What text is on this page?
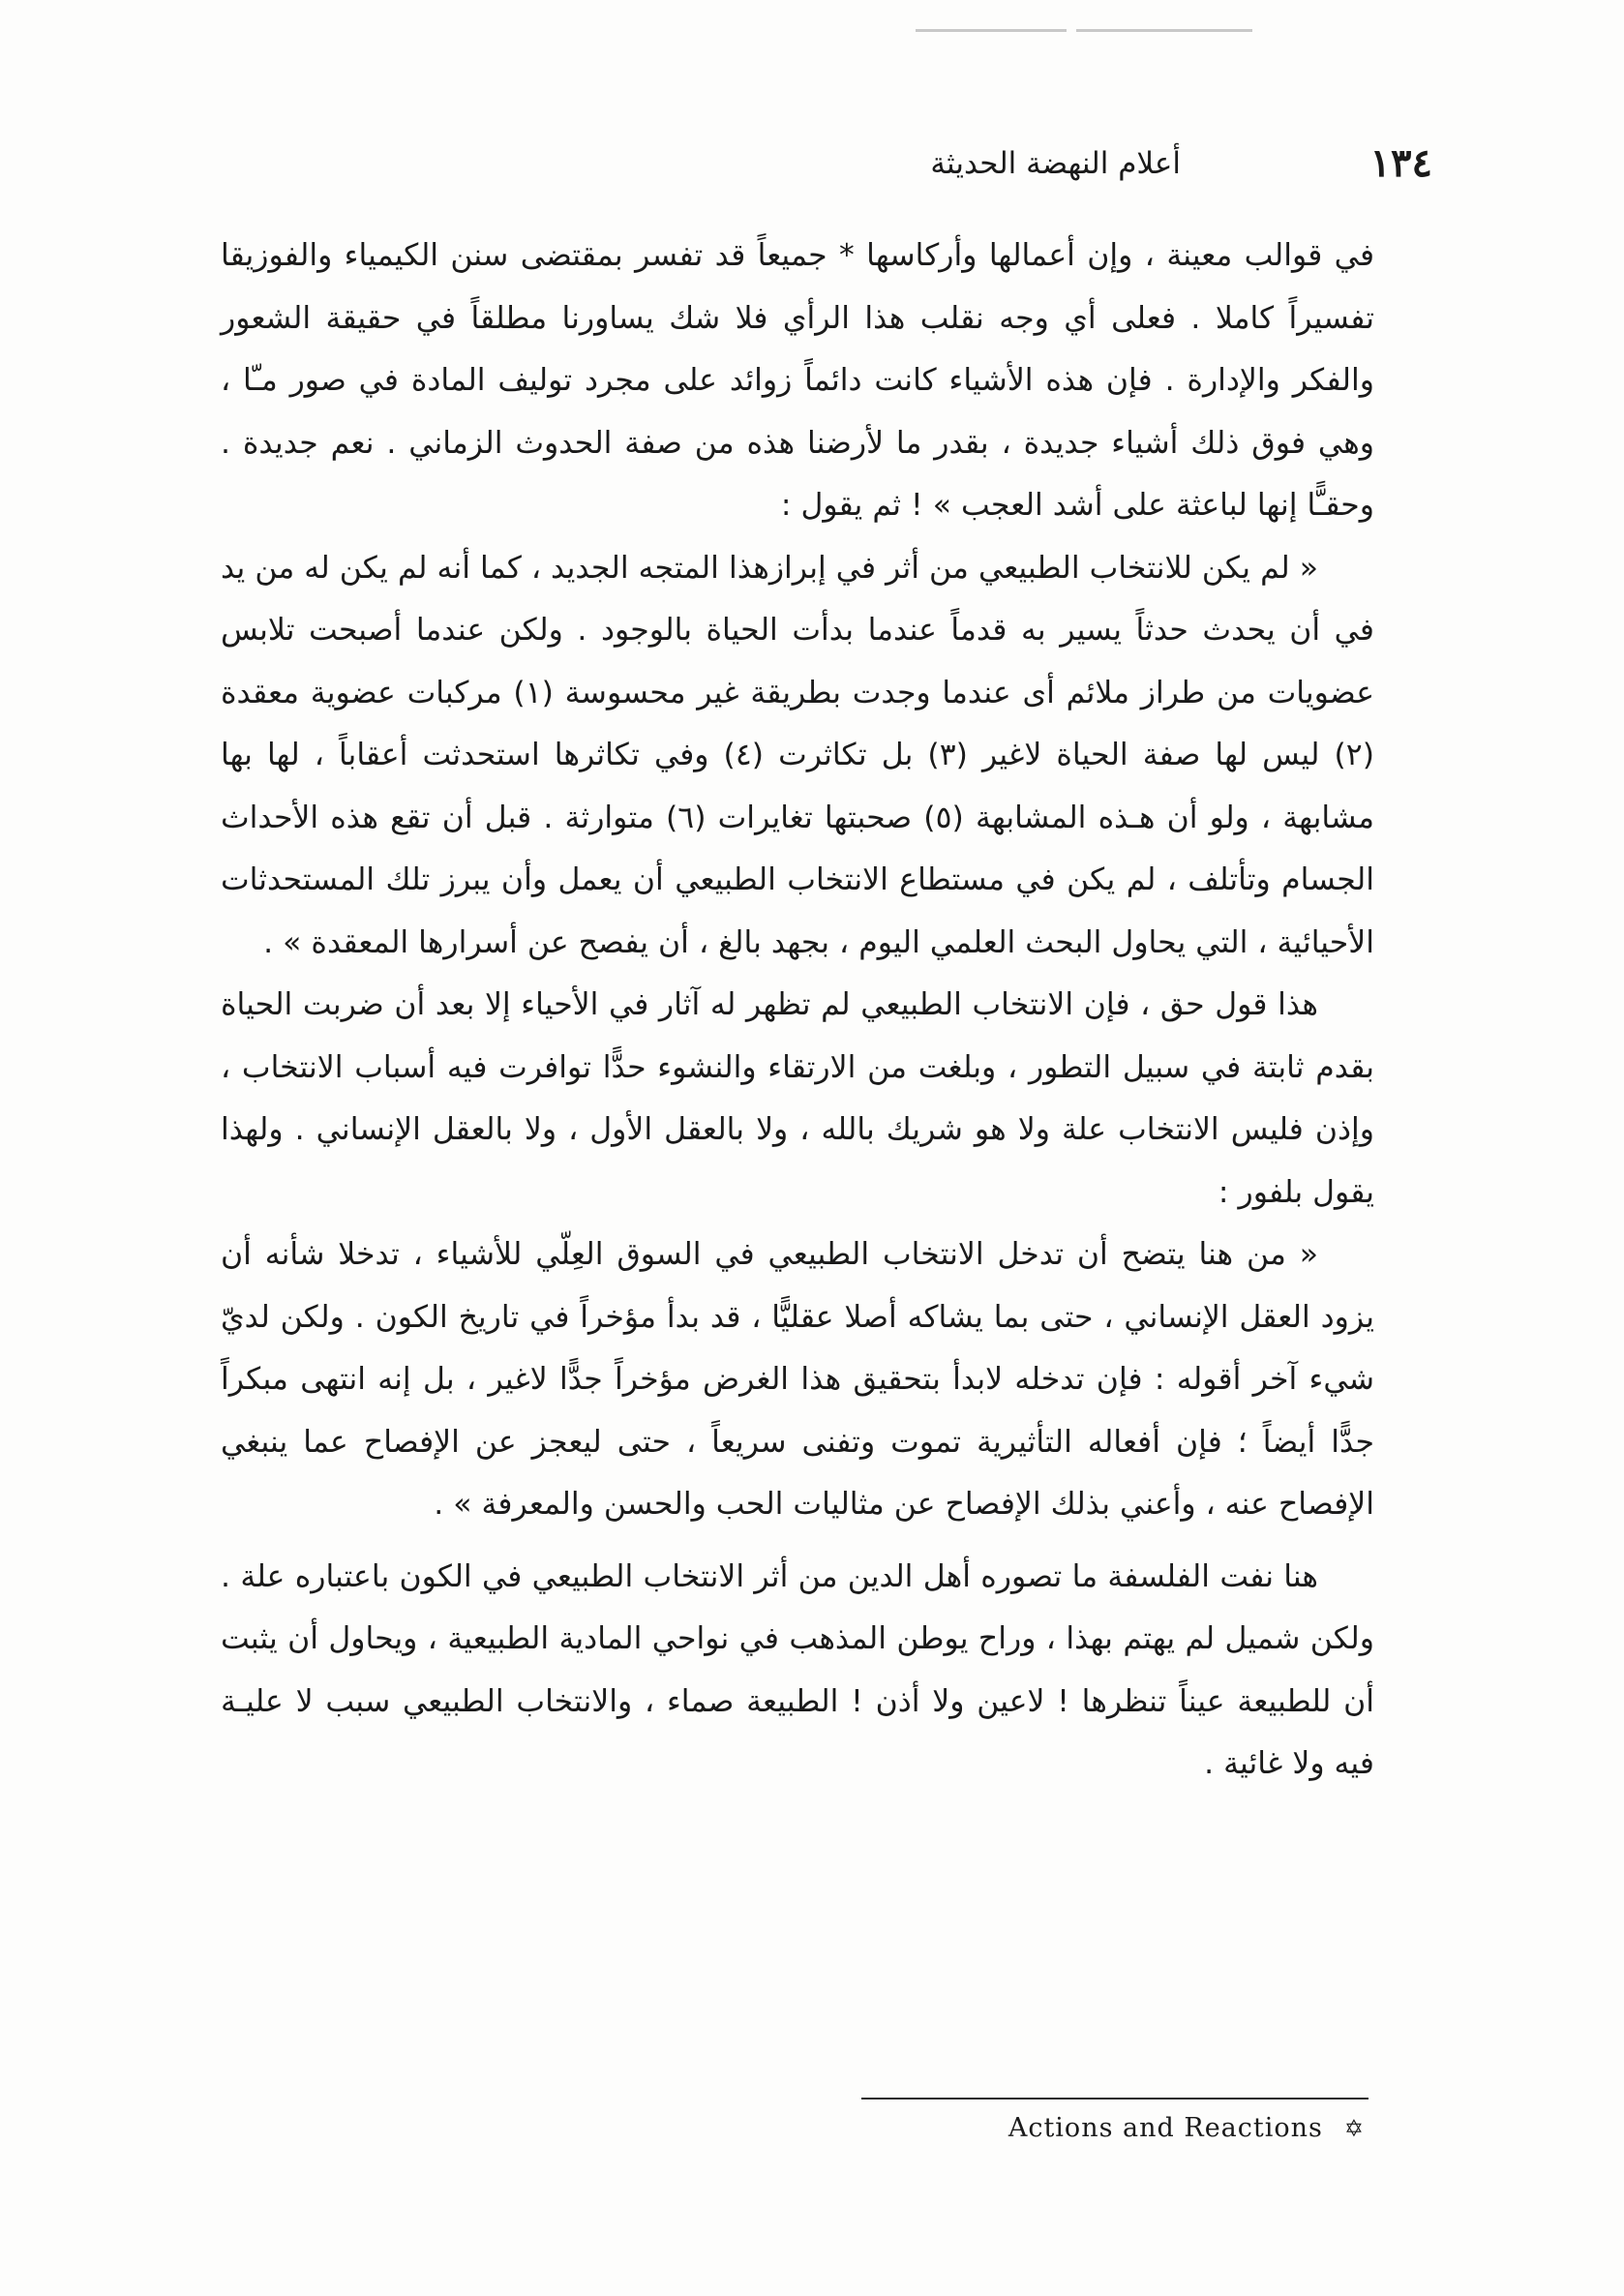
١٣٤
أعلام النهضة الحديثة

في قوالب معينة ، وإن أعمالها وأركاسها * جميعاً قد تفسر بمقتضى سنن الكيمياء والفوزيقا تفسيراً كاملا . فعلى أي وجه نقلب هذا الرأي فلا شك يساورنا مطلقاً في حقيقة الشعور والفكر والإدارة . فإن هذه الأشياء كانت دائماً زوائد على مجرد توليف المادة في صور مـّا ، وهي فوق ذلك أشياء جديدة ، بقدر ما لأرضنا هذه من صفة الحدوث الزماني . نعم جديدة . وحقـًّا إنها لباعثة على أشد العجب » ! ثم يقول :

« لم يكن للانتخاب الطبيعي من أثر في إبرازهذا المتجه الجديد ، كما أنه لم يكن له من يد في أن يحدث حدثاً يسير به قدماً عندما بدأت الحياة بالوجود . ولكن عندما أصبحت تلابس عضويات من طراز ملائم أى عندما وجدت بطريقة غير محسوسة (١) مركبات عضوية معقدة (٢) ليس لها صفة الحياة لاغير (٣) بل تكاثرت (٤) وفي تكاثرها استحدثت أعقاباً ، لها بها مشابهة ، ولو أن هـذه المشابهة (٥) صحبتها تغايرات (٦) متوارثة . قبل أن تقع هذه الأحداث الجسام وتأتلف ، لم يكن في مستطاع الانتخاب الطبيعي أن يعمل وأن يبرز تلك المستحدثات الأحيائية ، التي يحاول البحث العلمي اليوم ، بجهد بالغ ، أن يفصح عن أسرارها المعقدة » .

هذا قول حق ، فإن الانتخاب الطبيعي لم تظهر له آثار في الأحياء إلا بعد أن ضربت الحياة بقدم ثابتة في سبيل التطور ، وبلغت من الارتقاء والنشوء حدًّا توافرت فيه أسباب الانتخاب ، وإذن فليس الانتخاب علة ولا هو شريك بالله ، ولا بالعقل الأول ، ولا بالعقل الإنساني . ولهذا يقول بلفور :

« من هنا يتضح أن تدخل الانتخاب الطبيعي في السوق العِلّي للأشياء ، تدخلا شأنه أن يزود العقل الإنساني ، حتى بما يشاكه أصلا عقليًّا ، قد بدأ مؤخراً في تاريخ الكون . ولكن لديّ شيء آخر أقوله : فإن تدخله لابدأ بتحقيق هذا الغرض مؤخراً جدًّا لاغير ، بل إنه انتهى مبكراً جدًّا أيضاً ؛ فإن أفعاله التأثيرية تموت وتفنى سريعاً ، حتى ليعجز عن الإفصاح عما ينبغي الإفصاح عنه ، وأعني بذلك الإفصاح عن مثاليات الحب والحسن والمعرفة » .

هنا نفت الفلسفة ما تصوره أهل الدين من أثر الانتخاب الطبيعي في الكون باعتباره علة . ولكن شميل لم يهتم بهذا ، وراح يوطن المذهب في نواحي المادية الطبيعية ، ويحاول أن يثبت أن للطبيعة عيناً تنظرها ! لاعين ولا أذن ! الطبيعة صماء ، والانتخاب الطبيعي سبب لا عليـة فيه ولا غائية .

Actions and Reactions ✡
